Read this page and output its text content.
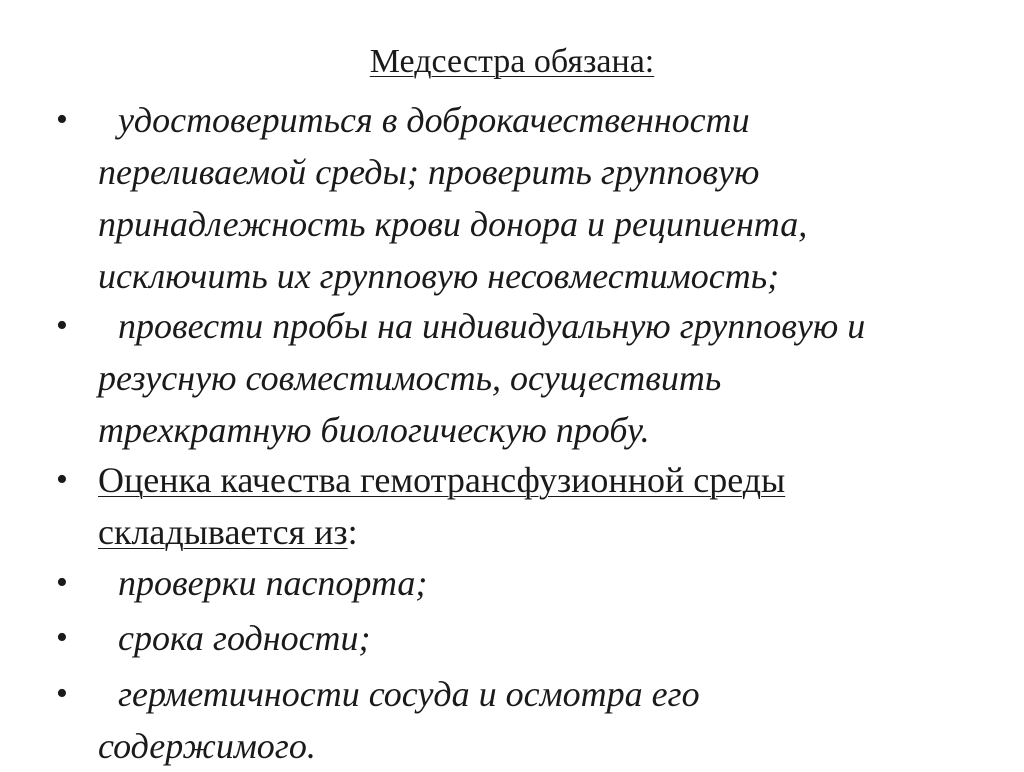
Медсестра обязана:
•	удостовериться в доброкачественности переливаемой среды; проверить групповую принадлежность крови донора и реципиента, исключить их групповую несовместимость;
•	провести пробы на индивидуальную групповую и резусную совместимость, осуществить трехкратную биологическую пробу.
• Оценка качества гемотрансфузионной среды складывается из:
•	проверки паспорта;
•	срока годности;
•	герметичности сосуда и осмотра его содержимого.
